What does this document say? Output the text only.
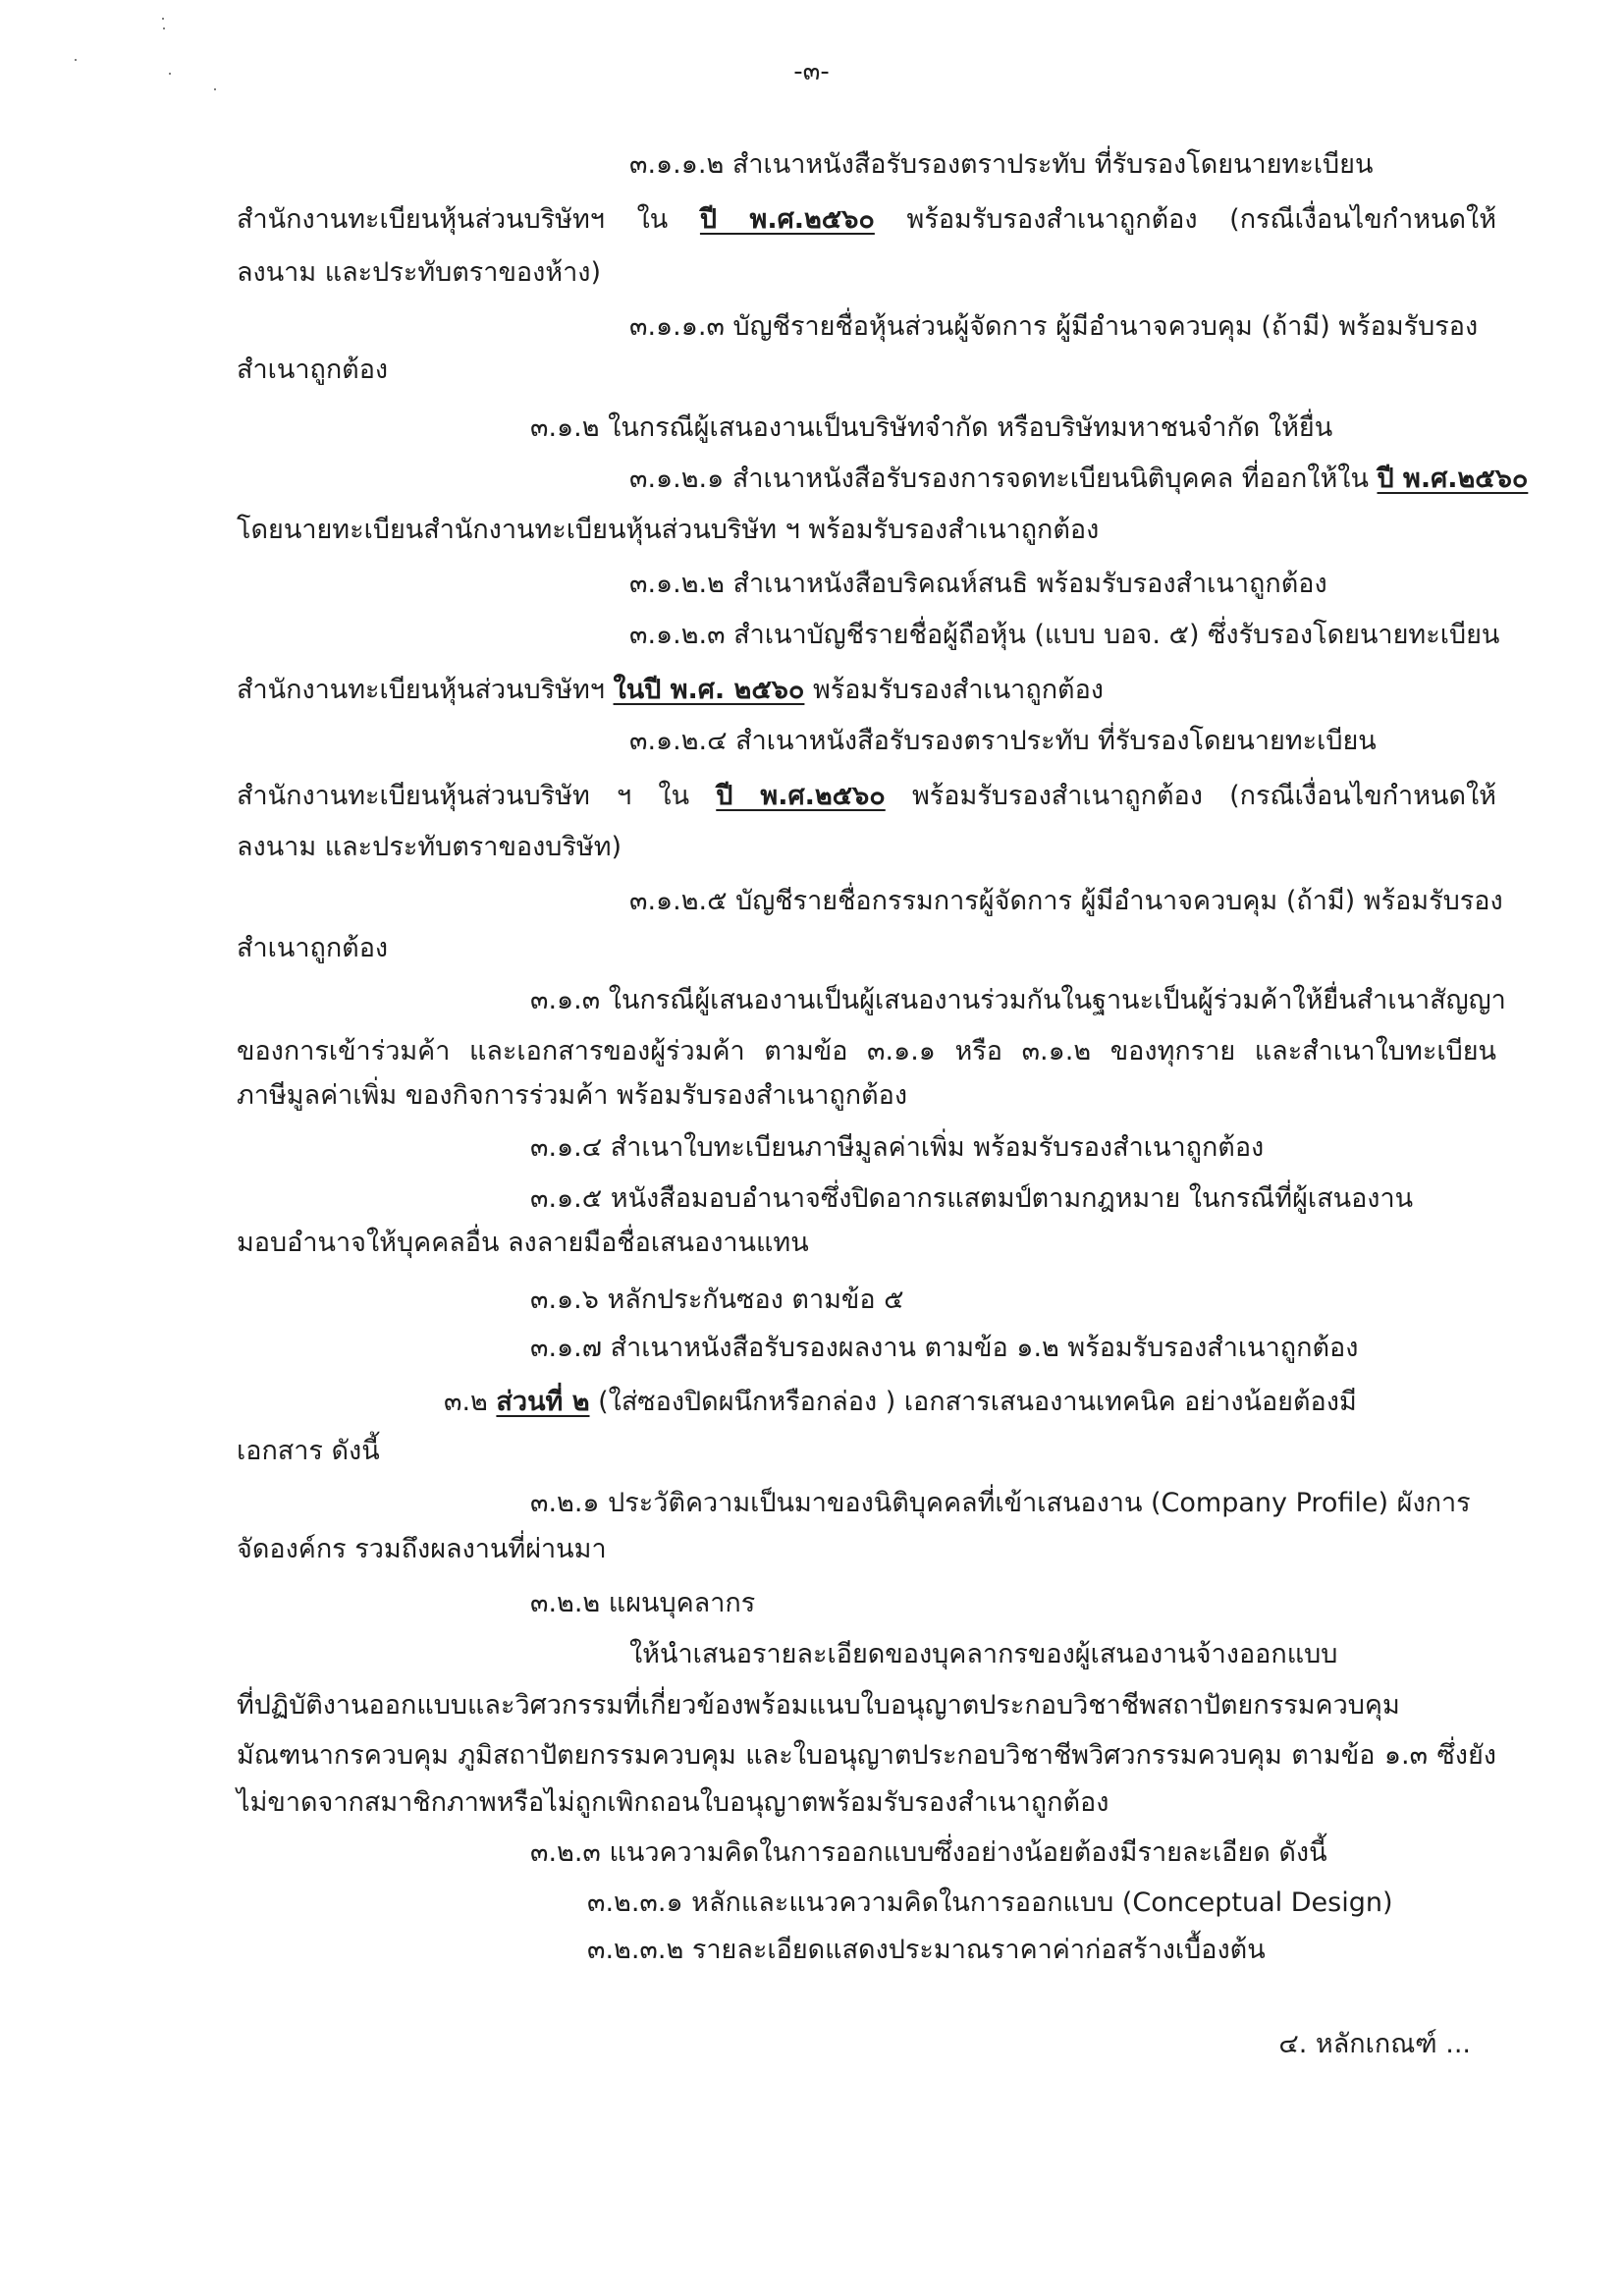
-๓-
๓.๑.๑.๒ สำเนาหนังสือรับรองตราประทับ ที่รับรองโดยนายทะเบียน
สำนักงานทะเบียนหุ้นส่วนบริษัทฯ ใน ปี พ.ศ.๒๕๖๐ พร้อมรับรองสำเนาถูกต้อง (กรณีเงื่อนไขกำหนดให้
ลงนาม และประทับตราของห้าง)
๓.๑.๑.๓ บัญชีรายชื่อหุ้นส่วนผู้จัดการ ผู้มีอำนาจควบคุม (ถ้ามี) พร้อมรับรอง
สำเนาถูกต้อง
๓.๑.๒ ในกรณีผู้เสนองานเป็นบริษัทจำกัด หรือบริษัทมหาชนจำกัด ให้ยื่น
๓.๑.๒.๑ สำเนาหนังสือรับรองการจดทะเบียนนิติบุคคล ที่ออกให้ใน ปี พ.ศ.๒๕๖๐
โดยนายทะเบียนสำนักงานทะเบียนหุ้นส่วนบริษัท ฯ พร้อมรับรองสำเนาถูกต้อง
๓.๑.๒.๒ สำเนาหนังสือบริคณห์สนธิ พร้อมรับรองสำเนาถูกต้อง
๓.๑.๒.๓ สำเนาบัญชีรายชื่อผู้ถือหุ้น (แบบ บอจ. ๕) ซึ่งรับรองโดยนายทะเบียน
สำนักงานทะเบียนหุ้นส่วนบริษัทฯ ในปี พ.ศ. ๒๕๖๐ พร้อมรับรองสำเนาถูกต้อง
๓.๑.๒.๔ สำเนาหนังสือรับรองตราประทับ ที่รับรองโดยนายทะเบียน
สำนักงานทะเบียนหุ้นส่วนบริษัท ฯ ใน ปี พ.ศ.๒๕๖๐ พร้อมรับรองสำเนาถูกต้อง (กรณีเงื่อนไขกำหนดให้
ลงนาม และประทับตราของบริษัท)
๓.๑.๒.๕ บัญชีรายชื่อกรรมการผู้จัดการ ผู้มีอำนาจควบคุม (ถ้ามี) พร้อมรับรอง
สำเนาถูกต้อง
๓.๑.๓ ในกรณีผู้เสนองานเป็นผู้เสนองานร่วมกันในฐานะเป็นผู้ร่วมค้าให้ยื่นสำเนาสัญญา
ของการเข้าร่วมค้า และเอกสารของผู้ร่วมค้า ตามข้อ ๓.๑.๑ หรือ ๓.๑.๒ ของทุกราย และสำเนาใบทะเบียน
ภาษีมูลค่าเพิ่ม ของกิจการร่วมค้า พร้อมรับรองสำเนาถูกต้อง
๓.๑.๔ สำเนาใบทะเบียนภาษีมูลค่าเพิ่ม พร้อมรับรองสำเนาถูกต้อง
๓.๑.๕ หนังสือมอบอำนาจซึ่งปิดอากรแสตมป์ตามกฎหมาย ในกรณีที่ผู้เสนองาน
มอบอำนาจให้บุคคลอื่น ลงลายมือชื่อเสนองานแทน
๓.๑.๖ หลักประกันซอง ตามข้อ ๕
๓.๑.๗ สำเนาหนังสือรับรองผลงาน ตามข้อ ๑.๒ พร้อมรับรองสำเนาถูกต้อง
๓.๒ ส่วนที่ ๒ (ใส่ซองปิดผนึกหรือกล่อง ) เอกสารเสนองานเทคนิค อย่างน้อยต้องมี
เอกสาร ดังนี้
๓.๒.๑ ประวัติความเป็นมาของนิติบุคคลที่เข้าเสนองาน (Company Profile) ผังการ
จัดองค์กร รวมถึงผลงานที่ผ่านมา
๓.๒.๒ แผนบุคลากร
ให้นำเสนอรายละเอียดของบุคลากรของผู้เสนองานจ้างออกแบบ
ที่ปฏิบัติงานออกแบบและวิศวกรรมที่เกี่ยวข้องพร้อมแนบใบอนุญาตประกอบวิชาชีพสถาปัตยกรรมควบคุม
มัณฑนากรควบคุม ภูมิสถาปัตยกรรมควบคุม และใบอนุญาตประกอบวิชาชีพวิศวกรรมควบคุม ตามข้อ ๑.๓ ซึ่งยัง
ไม่ขาดจากสมาชิกภาพหรือไม่ถูกเพิกถอนใบอนุญาตพร้อมรับรองสำเนาถูกต้อง
๓.๒.๓ แนวความคิดในการออกแบบซึ่งอย่างน้อยต้องมีรายละเอียด ดังนี้
๓.๒.๓.๑ หลักและแนวความคิดในการออกแบบ (Conceptual Design)
๓.๒.๓.๒ รายละเอียดแสดงประมาณราคาค่าก่อสร้างเบื้องต้น
๔. หลักเกณฑ์ ...
